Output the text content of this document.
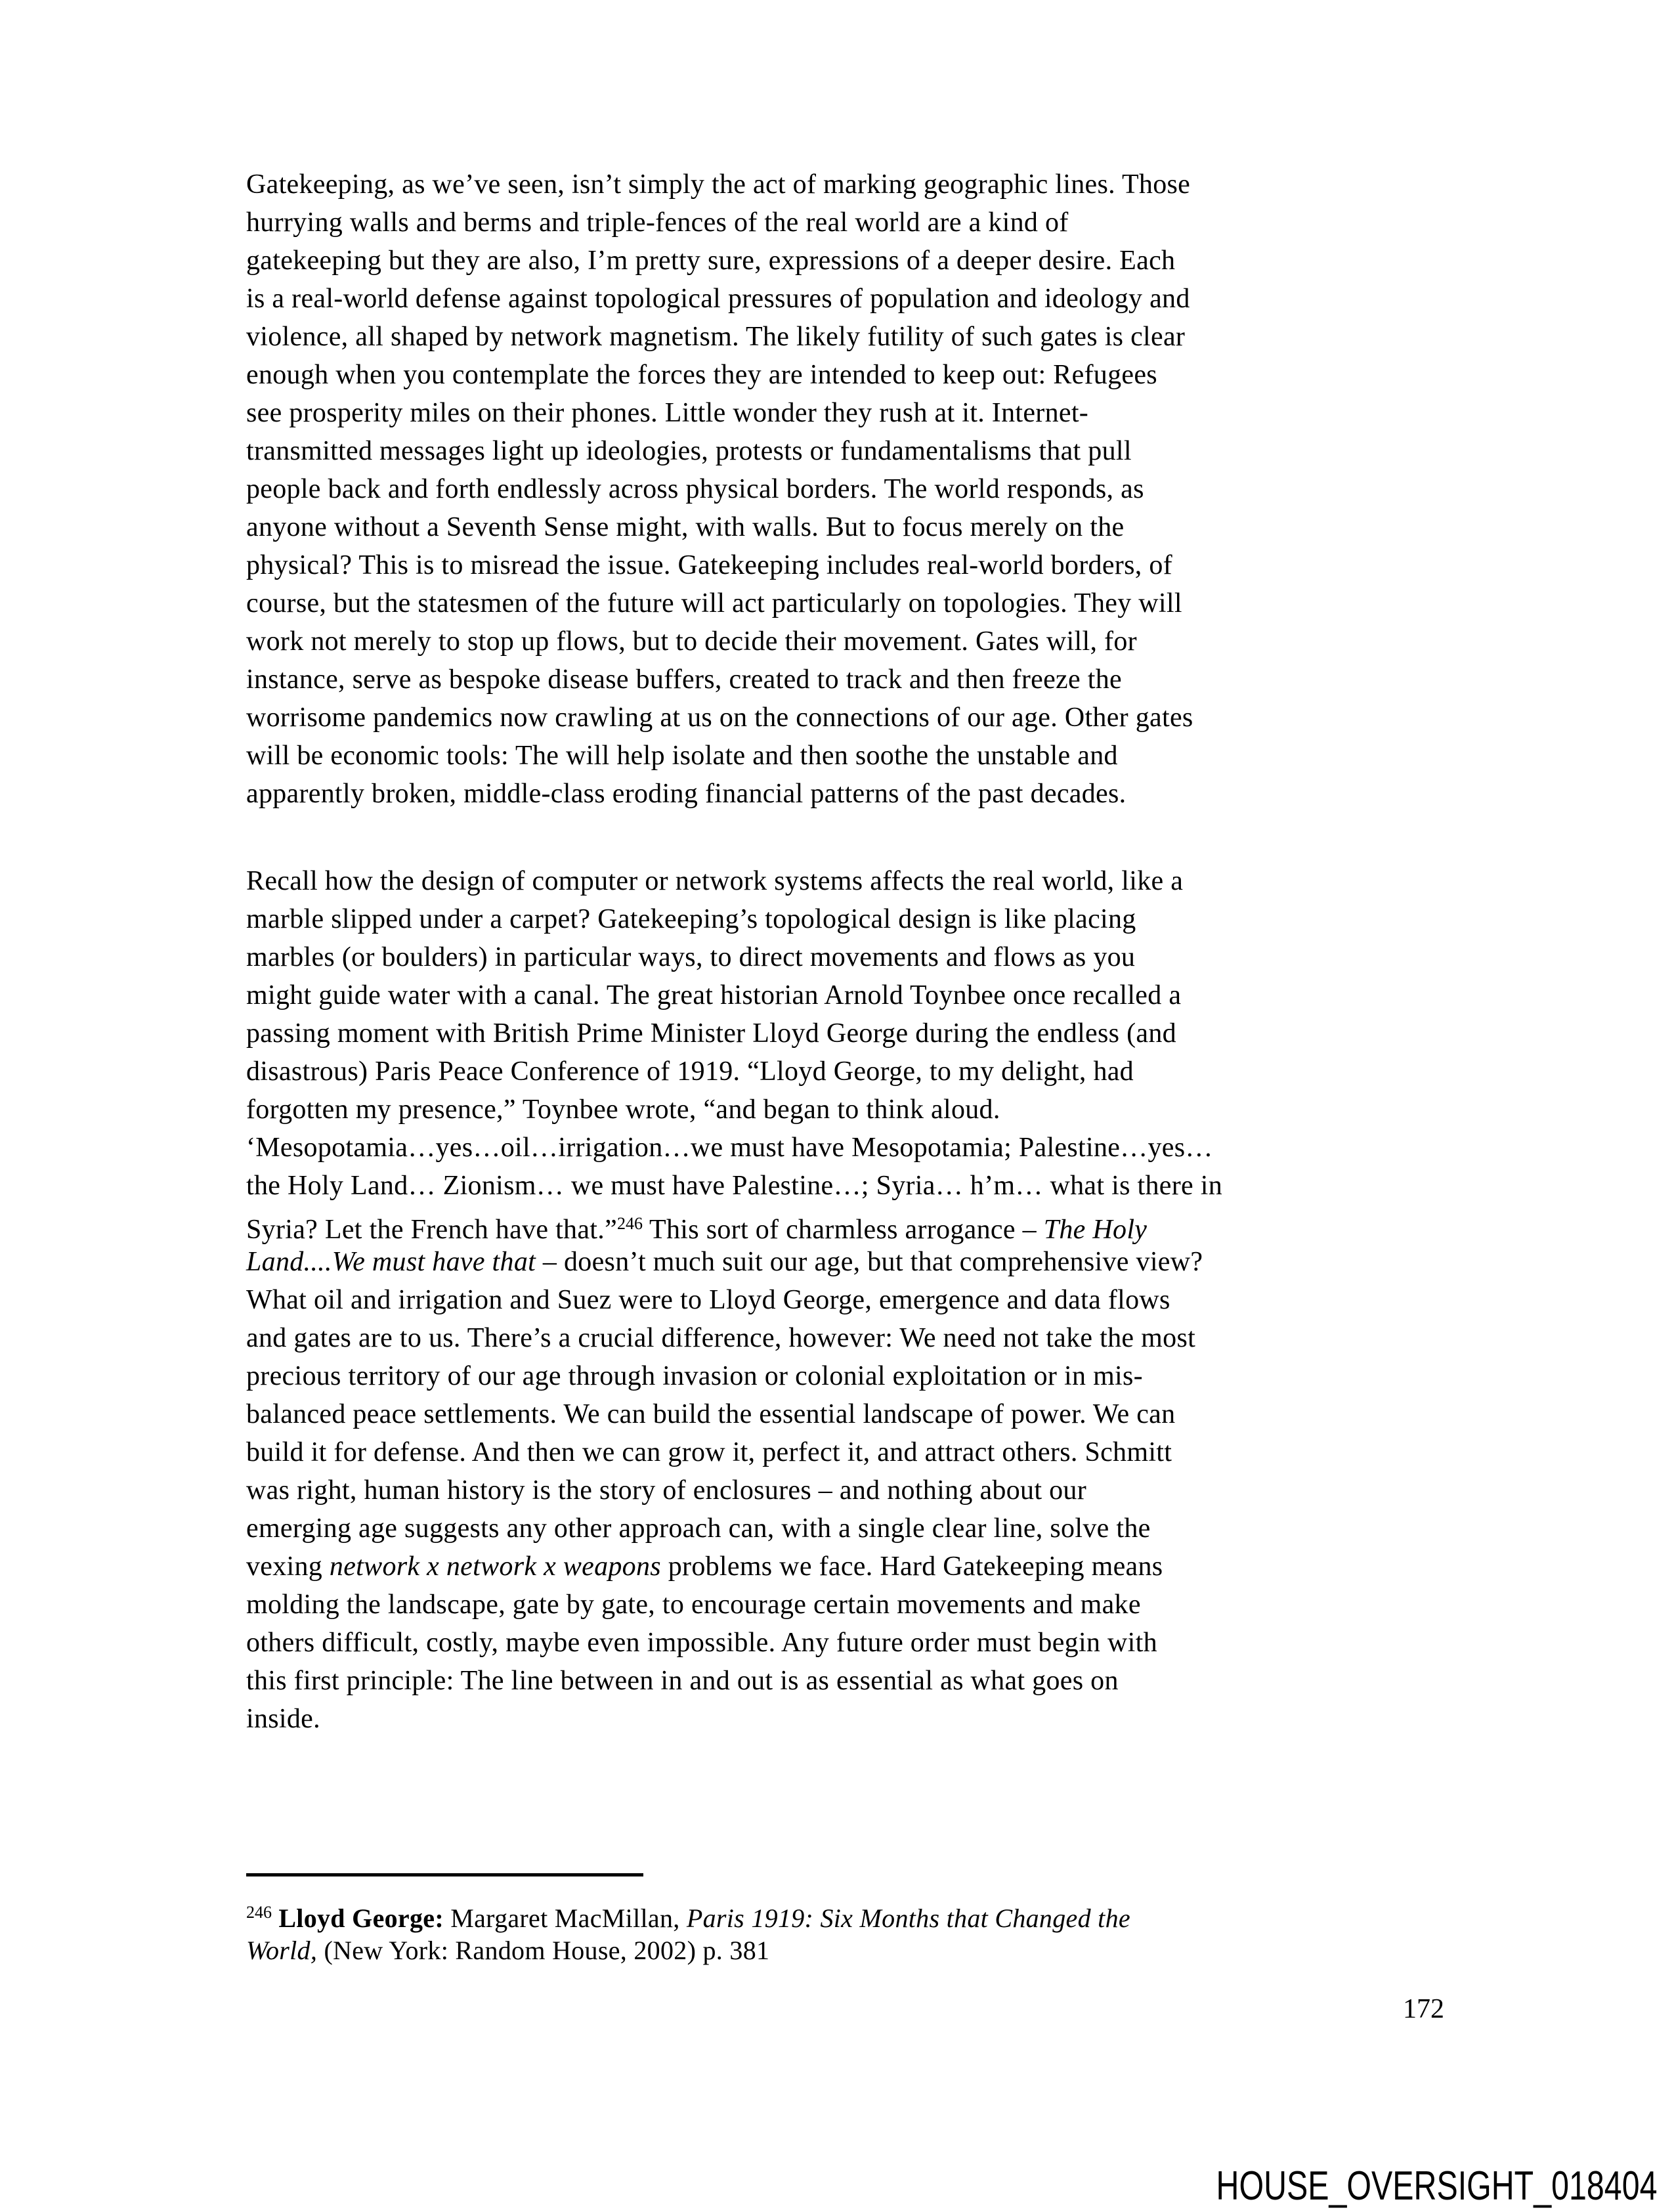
Gatekeeping, as we’ve seen, isn’t simply the act of marking geographic lines. Those
hurrying walls and berms and triple-fences of the real world are a kind of
gatekeeping but they are also, I’m pretty sure, expressions of a deeper desire. Each
is a real-world defense against topological pressures of population and ideology and
violence, all shaped by network magnetism. The likely futility of such gates is clear
enough when you contemplate the forces they are intended to keep out: Refugees
see prosperity miles on their phones. Little wonder they rush at it. Internet-
transmitted messages light up ideologies, protests or fundamentalisms that pull
people back and forth endlessly across physical borders. The world responds, as
anyone without a Seventh Sense might, with walls. But to focus merely on the
physical? This is to misread the issue. Gatekeeping includes real-world borders, of
course, but the statesmen of the future will act particularly on topologies. They will
work not merely to stop up flows, but to decide their movement. Gates will, for
instance, serve as bespoke disease buffers, created to track and then freeze the
worrisome pandemics now crawling at us on the connections of our age. Other gates
will be economic tools: The will help isolate and then soothe the unstable and
apparently broken, middle-class eroding financial patterns of the past decades.
Recall how the design of computer or network systems affects the real world, like a
marble slipped under a carpet? Gatekeeping’s topological design is like placing
marbles (or boulders) in particular ways, to direct movements and flows as you
might guide water with a canal. The great historian Arnold Toynbee once recalled a
passing moment with British Prime Minister Lloyd George during the endless (and
disastrous) Paris Peace Conference of 1919. “Lloyd George, to my delight, had
forgotten my presence,” Toynbee wrote, “and began to think aloud.
‘Mesopotamia…yes…oil…irrigation…we must have Mesopotamia; Palestine…yes…
the Holy Land… Zionism… we must have Palestine…; Syria… h’m… what is there in
Syria? Let the French have that.”$^{246}$ This sort of charmless arrogance – The Holy
Land....We must have that – doesn’t much suit our age, but that comprehensive view?
What oil and irrigation and Suez were to Lloyd George, emergence and data flows
and gates are to us. There’s a crucial difference, however: We need not take the most
precious territory of our age through invasion or colonial exploitation or in mis-
balanced peace settlements. We can build the essential landscape of power. We can
build it for defense. And then we can grow it, perfect it, and attract others. Schmitt
was right, human history is the story of enclosures – and nothing about our
emerging age suggests any other approach can, with a single clear line, solve the
vexing network x network x weapons problems we face. Hard Gatekeeping means
molding the landscape, gate by gate, to encourage certain movements and make
others difficult, costly, maybe even impossible. Any future order must begin with
this first principle: The line between in and out is as essential as what goes on
inside.
$^{246}$ Lloyd George: Margaret MacMillan, Paris 1919: Six Months that Changed the
World, (New York: Random House, 2002) p. 381
172
HOUSE_OVERSIGHT_018404
